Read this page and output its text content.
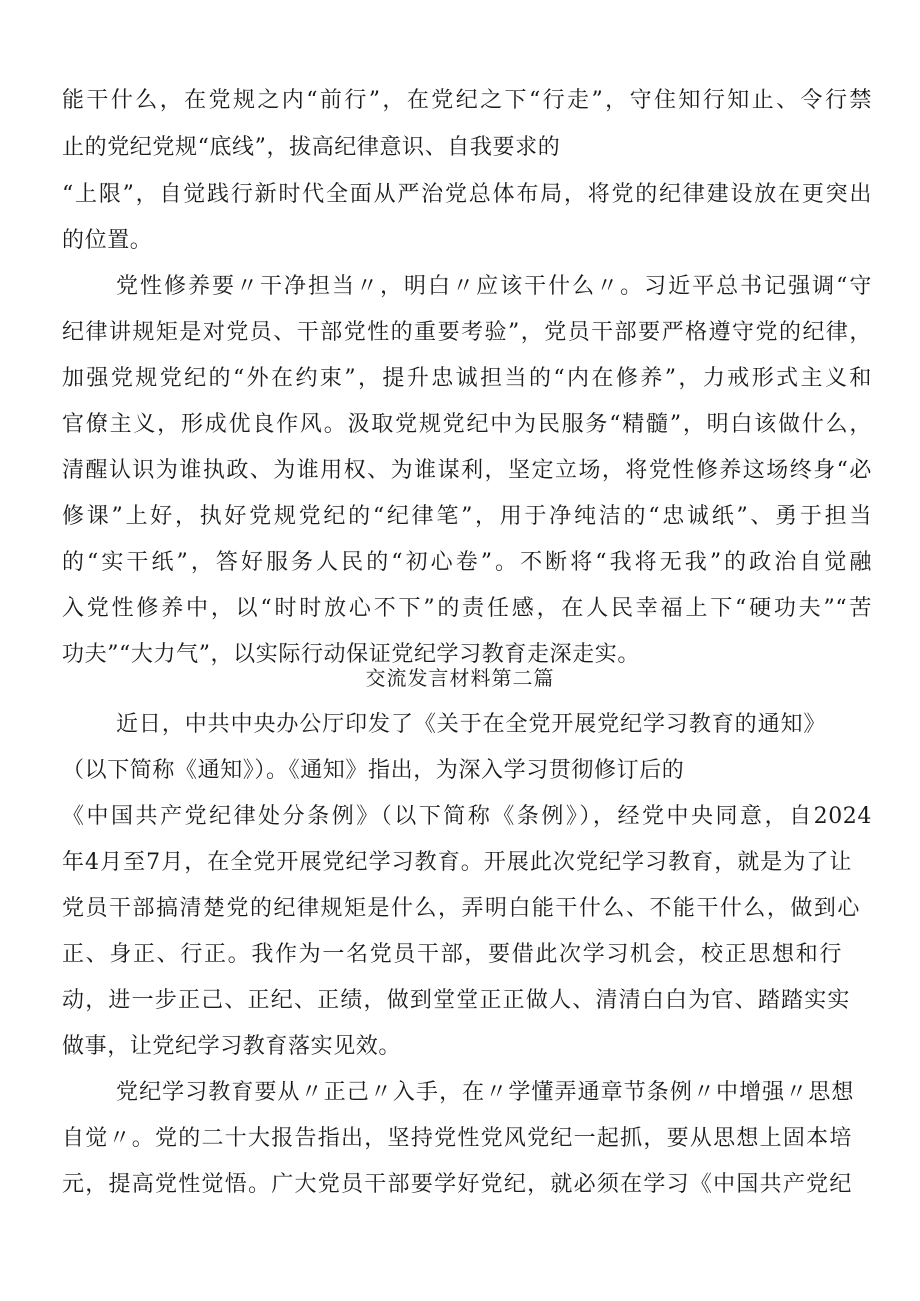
能干什么，在党规之内“前行”，在党纪之下“行走”，守住知行知止、令行禁
止的党纪党规“底线”，拔高纪律意识、自我要求的
“上限”，自觉践行新时代全面从严治党总体布局，将党的纪律建设放在更突出
的位置。
党性修养要〃干净担当〃，明白〃应该干什么〃。习近平总书记强调“守
纪律讲规矩是对党员、干部党性的重要考验”，党员干部要严格遵守党的纪律，
加强党规党纪的“外在约束”，提升忠诚担当的“内在修养”，力戒形式主义和
官僚主义，形成优良作风。汲取党规党纪中为民服务“精髓”，明白该做什么，
清醒认识为谁执政、为谁用权、为谁谋利，坚定立场，将党性修养这场终身“必
修课”上好，执好党规党纪的“纪律笔”，用于净纯洁的“忠诚纸”、勇于担当
的“实干纸”，答好服务人民的“初心卷”。不断将“我将无我”的政治自觉融
入党性修养中，以“时时放心不下”的责任感，在人民幸福上下“硬功夫”“苦
功夫”“大力气”，以实际行动保证党纪学习教育走深走实。
交流发言材料第二篇
近日，中共中央办公厅印发了《关于在全党开展党纪学习教育的通知》
（以下简称《通知》）。《通知》指出，为深入学习贯彻修订后的
《中国共产党纪律处分条例》（以下简称《条例》），经党中央同意，自2024
年4月至7月，在全党开展党纪学习教育。开展此次党纪学习教育，就是为了让
党员干部搞清楚党的纪律规矩是什么，弄明白能干什么、不能干什么，做到心
正、身正、行正。我作为一名党员干部，要借此次学习机会，校正思想和行
动，进一步正己、正纪、正绩，做到堂堂正正做人、清清白白为官、踏踏实实
做事，让党纪学习教育落实见效。
党纪学习教育要从〃正己〃入手，在〃学懂弄通章节条例〃中增强〃思想
自觉〃。党的二十大报告指出，坚持党性党风党纪一起抓，要从思想上固本培
元，提高党性觉悟。广大党员干部要学好党纪，就必须在学习《中国共产党纪
